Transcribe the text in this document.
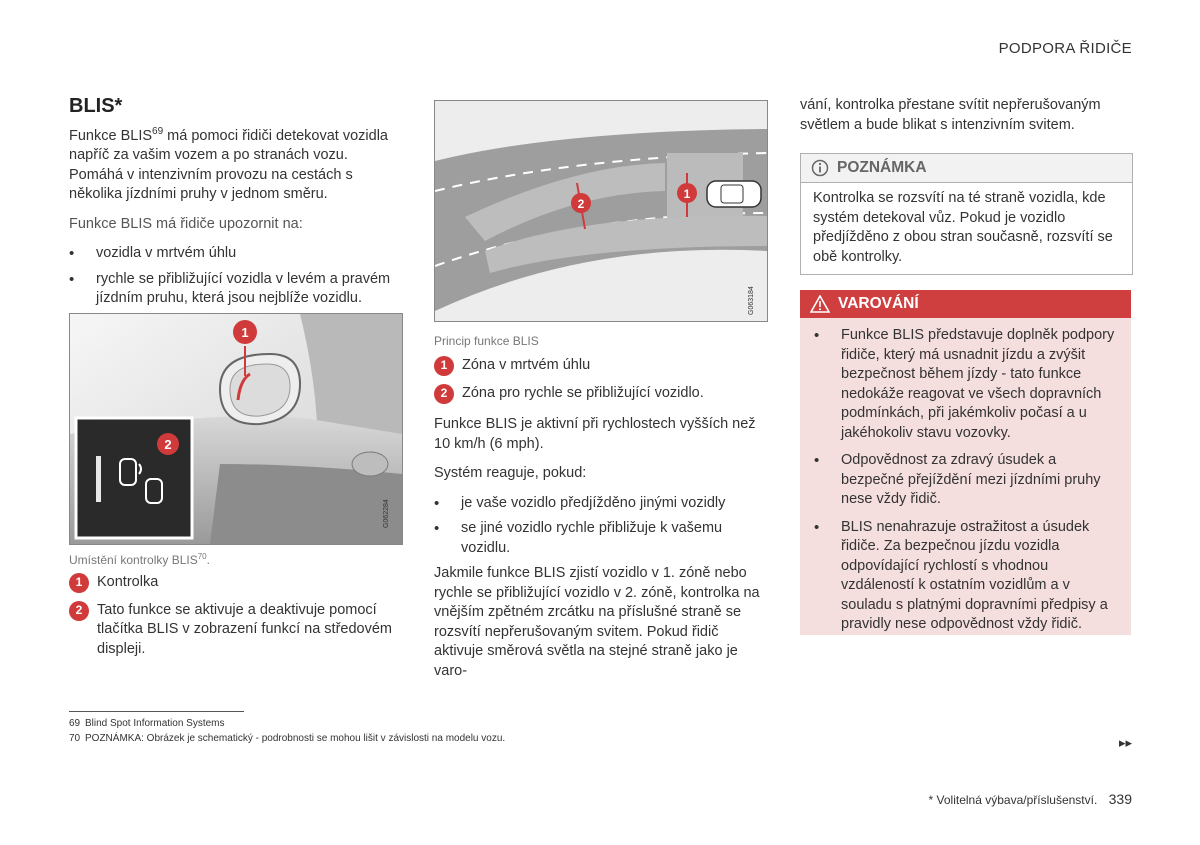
PODPORA ŘIDIČE
BLIS*

Funkce BLIS$^{69}$ má pomoci řidiči detekovat vozidla napříč za vašim vozem a po stranách vozu. Pomáhá v intenzivním provozu na cestách s několika jízdními pruhy v jednom směru.

Funkce BLIS má řidiče upozornit na:

• vozidla v mrtvém úhlu
• rychle se přibližující vozidla v levém a pravém jízdním pruhu, která jsou nejblíže vozidlu.
1
2
G062284
Umístění kontrolky BLIS$^{70}$.
1	Kontrolka
2	Tato funkce se aktivuje a deaktivuje pomocí tlačítka BLIS v zobrazení funkcí na středovém displeji.
1
2
G063184
Princip funkce BLIS
1	Zóna v mrtvém úhlu
2	Zóna pro rychle se přibližující vozidlo.

Funkce BLIS je aktivní při rychlostech vyšších než 10 km/h (6 mph).

Systém reaguje, pokud:

• je vaše vozidlo předjížděno jinými vozidly
• se jiné vozidlo rychle přibližuje k vašemu vozidlu.

Jakmile funkce BLIS zjistí vozidlo v 1. zóně nebo rychle se přibližující vozidlo v 2. zóně, kontrolka na vnějším zpětném zrcátku na příslušné straně se rozsvítí nepřerušovaným svitem. Pokud řidič aktivuje směrová světla na stejné straně jako je varo-

vání, kontrolka přestane svítit nepřerušovaným světlem a bude blikat s intenzivním svitem.
POZNÁMKA
Kontrolka se rozsvítí na té straně vozidla, kde systém detekoval vůz. Pokud je vozidlo předjížděno z obou stran současně, rozsvítí se obě kontrolky.
VAROVÁNÍ
• Funkce BLIS představuje doplněk podpory řidiče, který má usnadnit jízdu a zvýšit bezpečnost během jízdy - tato funkce nedokáže reagovat ve všech dopravních podmínkách, při jakémkoliv počasí a u jakéhokoliv stavu vozovky.
• Odpovědnost za zdravý úsudek a bezpečné přejíždění mezi jízdními pruhy nese vždy řidič.
• BLIS nenahrazuje ostražitost a úsudek řidiče. Za bezpečnou jízdu vozidla odpovídající rychlostí s vhodnou vzdáleností k ostatním vozidlům a v souladu s platnými dopravními předpisy a pravidly nese odpovědnost vždy řidič.
69 Blind Spot Information Systems
70 POZNÁMKA: Obrázek je schematický - podrobnosti se mohou lišit v závislosti na modelu vozu.	▸▸
* Volitelná výbava/příslušenství. 339
